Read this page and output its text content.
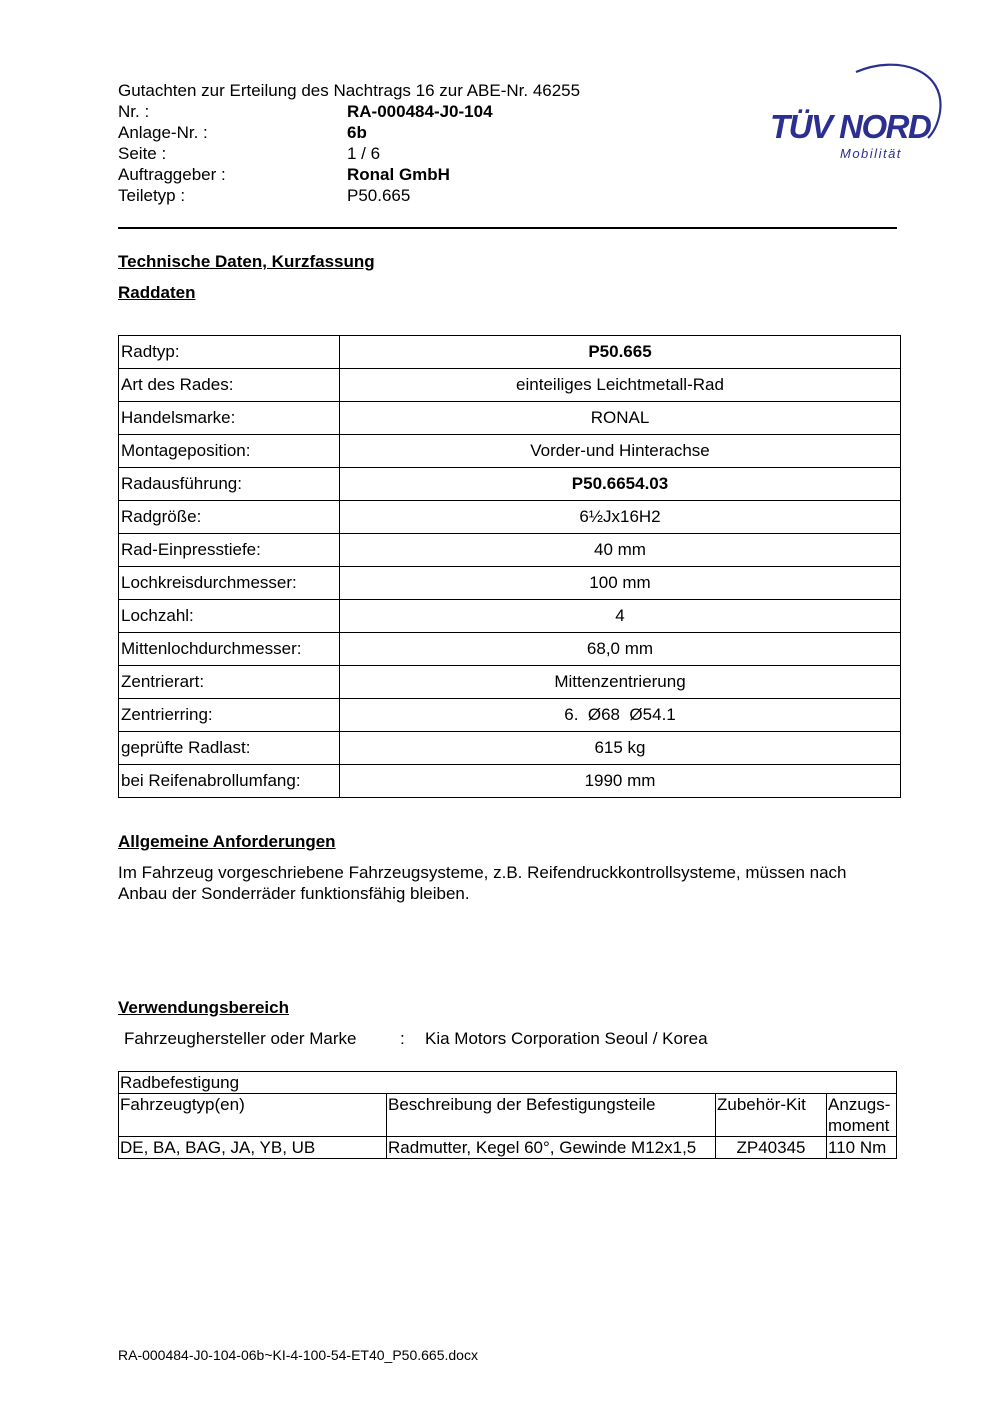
Gutachten zur Erteilung des Nachtrags 16 zur ABE-Nr. 46255
Nr. :	RA-000484-J0-104
Anlage-Nr. :	6b
Seite :	1 / 6
Auftraggeber :	Ronal GmbH
Teiletyp :	P50.665
TÜV NORD
Mobilität
Technische Daten, Kurzfassung
Raddaten
Radtyp:	P50.665
Art des Rades:	einteiliges Leichtmetall-Rad
Handelsmarke:	RONAL
Montageposition:	Vorder-und Hinterachse
Radausführung:	P50.6654.03
Radgröße:	6½Jx16H2
Rad-Einpresstiefe:	40 mm
Lochkreisdurchmesser:	100 mm
Lochzahl:	4
Mittenlochdurchmesser:	68,0 mm
Zentrierart:	Mittenzentrierung
Zentrierring:	6.  Ø68  Ø54.1
geprüfte Radlast:	615 kg
bei Reifenabrollumfang:	1990 mm
Allgemeine Anforderungen
Im Fahrzeug vorgeschriebene Fahrzeugsysteme, z.B. Reifendruckkontrollsysteme, müssen nach Anbau der Sonderräder funktionsfähig bleiben.
Verwendungsbereich
Fahrzeughersteller oder Marke	:	Kia Motors Corporation Seoul / Korea
Radbefestigung			
Fahrzeugtyp(en)	Beschreibung der Befestigungsteile	Zubehör-Kit	Anzugs-moment
DE, BA, BAG, JA, YB, UB	Radmutter, Kegel 60°, Gewinde M12x1,5	ZP40345	110 Nm
RA-000484-J0-104-06b~KI-4-100-54-ET40_P50.665.docx
